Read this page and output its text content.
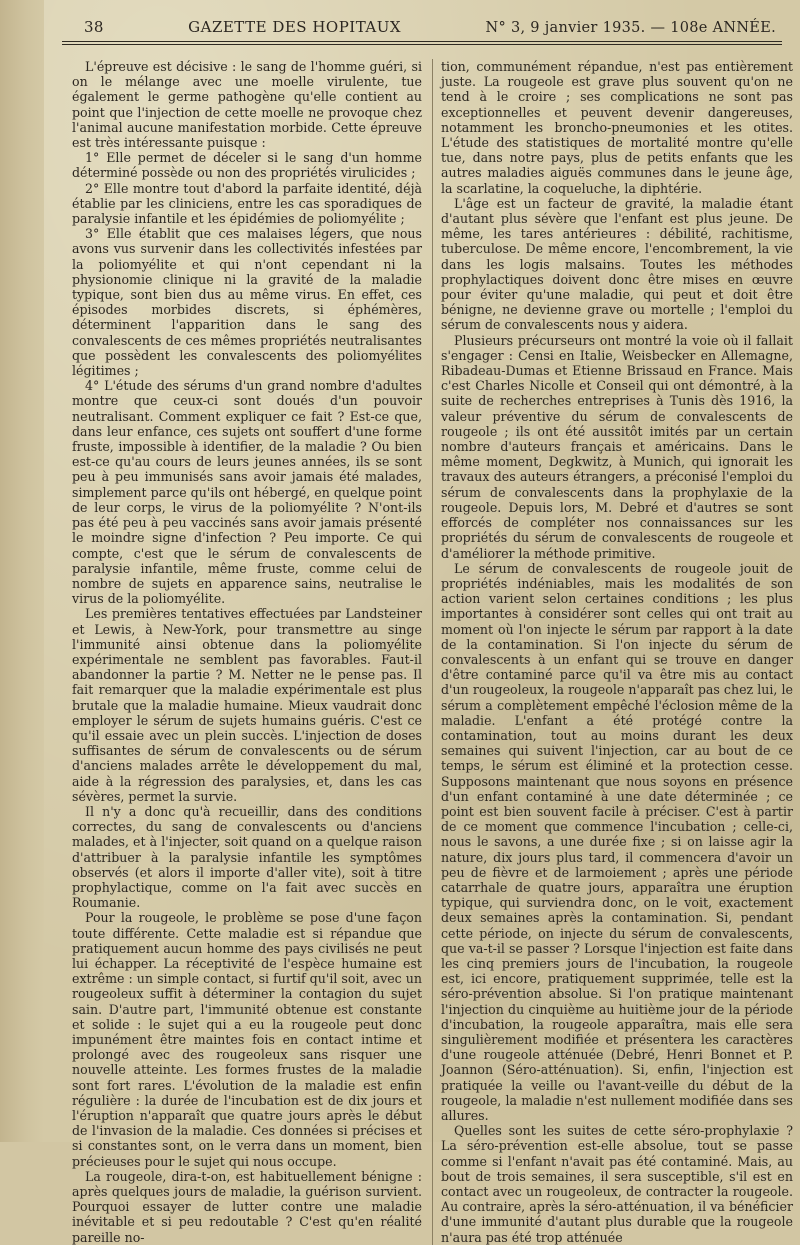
38	GAZETTE DES HOPITAUX	N° 3, 9 janvier 1935. — 108e ANNÉE.

L'épreuve est décisive : le sang de l'homme guéri, si on le mélange avec une moelle virulente, tue également le germe pathogène qu'elle contient au point que l'injection de cette moelle ne provoque chez l'animal aucune manifestation morbide. Cette épreuve est très intéressante puisque :

1° Elle permet de déceler si le sang d'un homme déterminé possède ou non des propriétés virulicides ;

2° Elle montre tout d'abord la parfaite identité, déjà établie par les cliniciens, entre les cas sporadiques de paralysie infantile et les épidémies de poliomyélite ;

3° Elle établit que ces malaises légers, que nous avons vus survenir dans les collectivités infestées par la poliomyélite et qui n'ont cependant ni la physionomie clinique ni la gravité de la maladie typique, sont bien dus au même virus. En effet, ces épisodes morbides discrets, si éphémères, déterminent l'apparition dans le sang des convalescents de ces mêmes propriétés neutralisantes que possèdent les convalescents des poliomyélites légitimes ;

4° L'étude des sérums d'un grand nombre d'adultes montre que ceux-ci sont doués d'un pouvoir neutralisant. Comment expliquer ce fait ? Est-ce que, dans leur enfance, ces sujets ont souffert d'une forme fruste, impossible à identifier, de la maladie ? Ou bien est-ce qu'au cours de leurs jeunes années, ils se sont peu à peu immunisés sans avoir jamais été malades, simplement parce qu'ils ont hébergé, en quelque point de leur corps, le virus de la poliomyélite ? N'ont-ils pas été peu à peu vaccinés sans avoir jamais présenté le moindre signe d'infection ? Peu importe. Ce qui compte, c'est que le sérum de convalescents de paralysie infantile, même fruste, comme celui de nombre de sujets en apparence sains, neutralise le virus de la poliomyélite.

Les premières tentatives effectuées par Landsteiner et Lewis, à New-York, pour transmettre au singe l'immunité ainsi obtenue dans la poliomyélite expérimentale ne semblent pas favorables. Faut-il abandonner la partie ? M. Netter ne le pense pas. Il fait remarquer que la maladie expérimentale est plus brutale que la maladie humaine. Mieux vaudrait donc employer le sérum de sujets humains guéris. C'est ce qu'il essaie avec un plein succès. L'injection de doses suffisantes de sérum de convalescents ou de sérum d'anciens malades arrête le développement du mal, aide à la régression des paralysies, et, dans les cas sévères, permet la survie.

Il n'y a donc qu'à recueillir, dans des conditions correctes, du sang de convalescents ou d'anciens malades, et à l'injecter, soit quand on a quelque raison d'attribuer à la paralysie infantile les symptômes observés (et alors il importe d'aller vite), soit à titre prophylactique, comme on l'a fait avec succès en Roumanie.

Pour la rougeole, le problème se pose d'une façon toute différente. Cette maladie est si répandue que pratiquement aucun homme des pays civilisés ne peut lui échapper. La réceptivité de l'espèce humaine est extrême : un simple contact, si furtif qu'il soit, avec un rougeoleux suffit à déterminer la contagion du sujet sain. D'autre part, l'immunité obtenue est constante et solide : le sujet qui a eu la rougeole peut donc impunément être maintes fois en contact intime et prolongé avec des rougeoleux sans risquer une nouvelle atteinte. Les formes frustes de la maladie sont fort rares. L'évolution de la maladie est enfin régulière : la durée de l'incubation est de dix jours et l'éruption n'apparaît que quatre jours après le début de l'invasion de la maladie. Ces données si précises et si constantes sont, on le verra dans un moment, bien précieuses pour le sujet qui nous occupe.

La rougeole, dira-t-on, est habituellement bénigne : après quelques jours de maladie, la guérison survient. Pourquoi essayer de lutter contre une maladie inévitable et si peu redoutable ? C'est qu'en réalité pareille no-

tion, communément répandue, n'est pas entièrement juste. La rougeole est grave plus souvent qu'on ne tend à le croire ; ses complications ne sont pas exceptionnelles et peuvent devenir dangereuses, notamment les broncho-pneumonies et les otites. L'étude des statistiques de mortalité montre qu'elle tue, dans notre pays, plus de petits enfants que les autres maladies aiguës communes dans le jeune âge, la scarlatine, la coqueluche, la diphtérie.

L'âge est un facteur de gravité, la maladie étant d'autant plus sévère que l'enfant est plus jeune. De même, les tares antérieures : débilité, rachitisme, tuberculose. De même encore, l'encombrement, la vie dans les logis malsains. Toutes les méthodes prophylactiques doivent donc être mises en œuvre pour éviter qu'une maladie, qui peut et doit être bénigne, ne devienne grave ou mortelle ; l'emploi du sérum de convalescents nous y aidera.

Plusieurs précurseurs ont montré la voie où il fallait s'engager : Censi en Italie, Weisbecker en Allemagne, Ribadeau-Dumas et Etienne Brissaud en France. Mais c'est Charles Nicolle et Conseil qui ont démontré, à la suite de recherches entreprises à Tunis dès 1916, la valeur préventive du sérum de convalescents de rougeole ; ils ont été aussitôt imités par un certain nombre d'auteurs français et américains. Dans le même moment, Degkwitz, à Munich, qui ignorait les travaux des auteurs étrangers, a préconisé l'emploi du sérum de convalescents dans la prophylaxie de la rougeole. Depuis lors, M. Debré et d'autres se sont efforcés de compléter nos connaissances sur les propriétés du sérum de convalescents de rougeole et d'améliorer la méthode primitive.

Le sérum de convalescents de rougeole jouit de propriétés indéniables, mais les modalités de son action varient selon certaines conditions ; les plus importantes à considérer sont celles qui ont trait au moment où l'on injecte le sérum par rapport à la date de la contamination. Si l'on injecte du sérum de convalescents à un enfant qui se trouve en danger d'être contaminé parce qu'il va être mis au contact d'un rougeoleux, la rougeole n'apparaît pas chez lui, le sérum a complètement empêché l'éclosion même de la maladie. L'enfant a été protégé contre la contamination, tout au moins durant les deux semaines qui suivent l'injection, car au bout de ce temps, le sérum est éliminé et la protection cesse. Supposons maintenant que nous soyons en présence d'un enfant contaminé à une date déterminée ; ce point est bien souvent facile à préciser. C'est à partir de ce moment que commence l'incubation ; celle-ci, nous le savons, a une durée fixe ; si on laisse agir la nature, dix jours plus tard, il commencera d'avoir un peu de fièvre et de larmoiement ; après une période catarrhale de quatre jours, apparaîtra une éruption typique, qui surviendra donc, on le voit, exactement deux semaines après la contamination. Si, pendant cette période, on injecte du sérum de convalescents, que va-t-il se passer ? Lorsque l'injection est faite dans les cinq premiers jours de l'incubation, la rougeole est, ici encore, pratiquement supprimée, telle est la séro-prévention absolue. Si l'on pratique maintenant l'injection du cinquième au huitième jour de la période d'incubation, la rougeole apparaîtra, mais elle sera singulièrement modifiée et présentera les caractères d'une rougeole atténuée (Debré, Henri Bonnet et P. Joannon (Séro-atténuation). Si, enfin, l'injection est pratiquée la veille ou l'avant-veille du début de la rougeole, la maladie n'est nullement modifiée dans ses allures.

Quelles sont les suites de cette séro-prophylaxie ? La séro-prévention est-elle absolue, tout se passe comme si l'enfant n'avait pas été contaminé. Mais, au bout de trois semaines, il sera susceptible, s'il est en contact avec un rougeoleux, de contracter la rougeole. Au contraire, après la séro-atténuation, il va bénéficier d'une immunité d'autant plus durable que la rougeole n'aura pas été trop atténuée
